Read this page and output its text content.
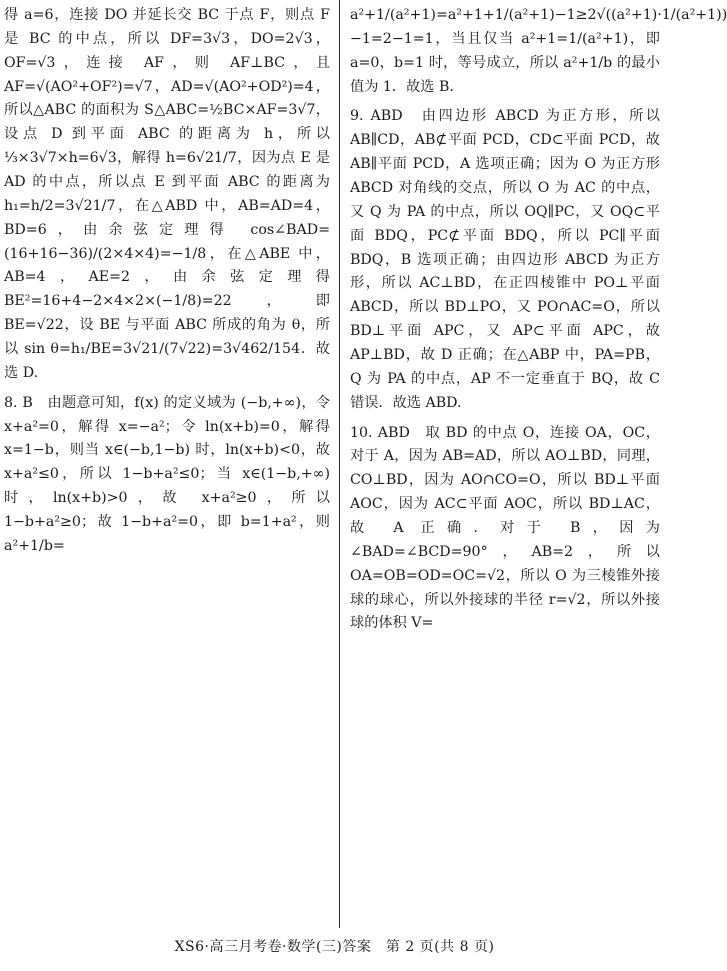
得 a=6，连接 DO 并延长交 BC 于点 F，则点 F 是 BC 的中点，所以 DF=3√3，DO=2√3，OF=√3，连接 AF，则 AF⊥BC，且 AF=√(AO²+OF²)=√7，AD=√(AO²+OD²)=4，所以△ABC 的面积为 S△ABC=½BC×AF=3√7，设点 D 到平面 ABC 的距离为 h，所以 ⅓×3√7×h=6√3，解得 h=6√21/7，因为点 E 是 AD 的中点，所以点 E 到平面 ABC 的距离为 h₁=h/2=3√21/7，在△ABD 中，AB=AD=4，BD=6，由余弦定理得 cos∠BAD=(16+16−36)/(2×4×4)=−1/8，在△ABE 中，AB=4，AE=2，由余弦定理得 BE²=16+4−2×4×2×(−1/8)=22，即 BE=√22，设 BE 与平面 ABC 所成的角为 θ，所以 sin θ=h₁/BE=3√21/(7√22)=3√462/154．故选 D.

8. B　由题意可知，f(x) 的定义域为 (−b,+∞)，令 x+a²=0，解得 x=−a²；令 ln(x+b)=0，解得 x=1−b，则当 x∈(−b,1−b) 时，ln(x+b)<0，故 x+a²≤0，所以 1−b+a²≤0；当 x∈(1−b,+∞) 时，ln(x+b)>0，故 x+a²≥0，所以 1−b+a²≥0；故 1−b+a²=0，即 b=1+a²，则 a²+1/b=

a²+1/(a²+1)=a²+1+1/(a²+1)−1≥2√((a²+1)·1/(a²+1))−1=2−1=1，当且仅当 a²+1=1/(a²+1)，即 a=0，b=1 时，等号成立，所以 a²+1/b 的最小值为 1．故选 B.

9. ABD　由四边形 ABCD 为正方形，所以 AB∥CD，AB⊄平面 PCD，CD⊂平面 PCD，故 AB∥平面 PCD，A 选项正确；因为 O 为正方形 ABCD 对角线的交点，所以 O 为 AC 的中点，又 Q 为 PA 的中点，所以 OQ∥PC，又 OQ⊂平面 BDQ，PC⊄平面 BDQ，所以 PC∥平面 BDQ，B 选项正确；由四边形 ABCD 为正方形，所以 AC⊥BD，在正四棱锥中 PO⊥平面 ABCD，所以 BD⊥PO，又 PO∩AC=O，所以 BD⊥平面 APC，又 AP⊂平面 APC，故 AP⊥BD，故 D 正确；在△ABP 中，PA=PB，Q 为 PA 的中点，AP 不一定垂直于 BQ，故 C 错误．故选 ABD.

10. ABD　取 BD 的中点 O，连接 OA，OC，对于 A，因为 AB=AD，所以 AO⊥BD，同理，CO⊥BD，因为 AO∩CO=O，所以 BD⊥平面 AOC，因为 AC⊂平面 AOC，所以 BD⊥AC，故 A 正确．对于 B，因为∠BAD=∠BCD=90°，AB=2，所以 OA=OB=OD=OC=√2，所以 O 为三棱锥外接球的球心，所以外接球的半径 r=√2，所以外接球的体积 V=

XS6·高三月考卷·数学(三)答案　第 2 页(共 8 页)
